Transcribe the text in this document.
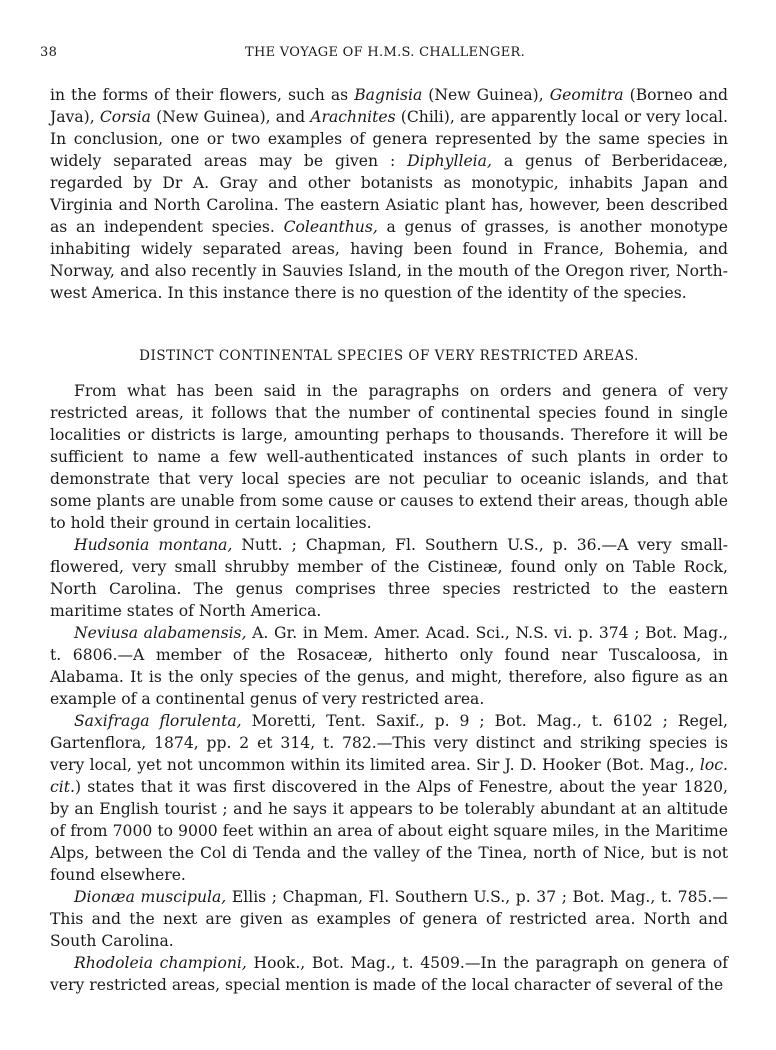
38	THE VOYAGE OF H.M.S. CHALLENGER.

in the forms of their flowers, such as Bagnisia (New Guinea), Geomitra (Borneo and Java), Corsia (New Guinea), and Arachnites (Chili), are apparently local or very local. In conclusion, one or two examples of genera represented by the same species in widely separated areas may be given : Diphylleia, a genus of Berberidaceæ, regarded by Dr A. Gray and other botanists as monotypic, inhabits Japan and Virginia and North Carolina. The eastern Asiatic plant has, however, been described as an independent species. Coleanthus, a genus of grasses, is another monotype inhabiting widely separated areas, having been found in France, Bohemia, and Norway, and also recently in Sauvies Island, in the mouth of the Oregon river, North-west America. In this instance there is no question of the identity of the species.

DISTINCT CONTINENTAL SPECIES OF VERY RESTRICTED AREAS.

From what has been said in the paragraphs on orders and genera of very restricted areas, it follows that the number of continental species found in single localities or districts is large, amounting perhaps to thousands. Therefore it will be sufficient to name a few well-authenticated instances of such plants in order to demonstrate that very local species are not peculiar to oceanic islands, and that some plants are unable from some cause or causes to extend their areas, though able to hold their ground in certain localities.

Hudsonia montana, Nutt. ; Chapman, Fl. Southern U.S., p. 36.—A very small-flowered, very small shrubby member of the Cistineæ, found only on Table Rock, North Carolina. The genus comprises three species restricted to the eastern maritime states of North America.

Neviusa alabamensis, A. Gr. in Mem. Amer. Acad. Sci., N.S. vi. p. 374 ; Bot. Mag., t. 6806.—A member of the Rosaceæ, hitherto only found near Tuscaloosa, in Alabama. It is the only species of the genus, and might, therefore, also figure as an example of a continental genus of very restricted area.

Saxifraga florulenta, Moretti, Tent. Saxif., p. 9 ; Bot. Mag., t. 6102 ; Regel, Gartenflora, 1874, pp. 2 et 314, t. 782.—This very distinct and striking species is very local, yet not uncommon within its limited area. Sir J. D. Hooker (Bot. Mag., loc. cit.) states that it was first discovered in the Alps of Fenestre, about the year 1820, by an English tourist ; and he says it appears to be tolerably abundant at an altitude of from 7000 to 9000 feet within an area of about eight square miles, in the Maritime Alps, between the Col di Tenda and the valley of the Tinea, north of Nice, but is not found elsewhere.

Dionæa muscipula, Ellis ; Chapman, Fl. Southern U.S., p. 37 ; Bot. Mag., t. 785.—This and the next are given as examples of genera of restricted area. North and South Carolina.

Rhodoleia championi, Hook., Bot. Mag., t. 4509.—In the paragraph on genera of very restricted areas, special mention is made of the local character of several of the
